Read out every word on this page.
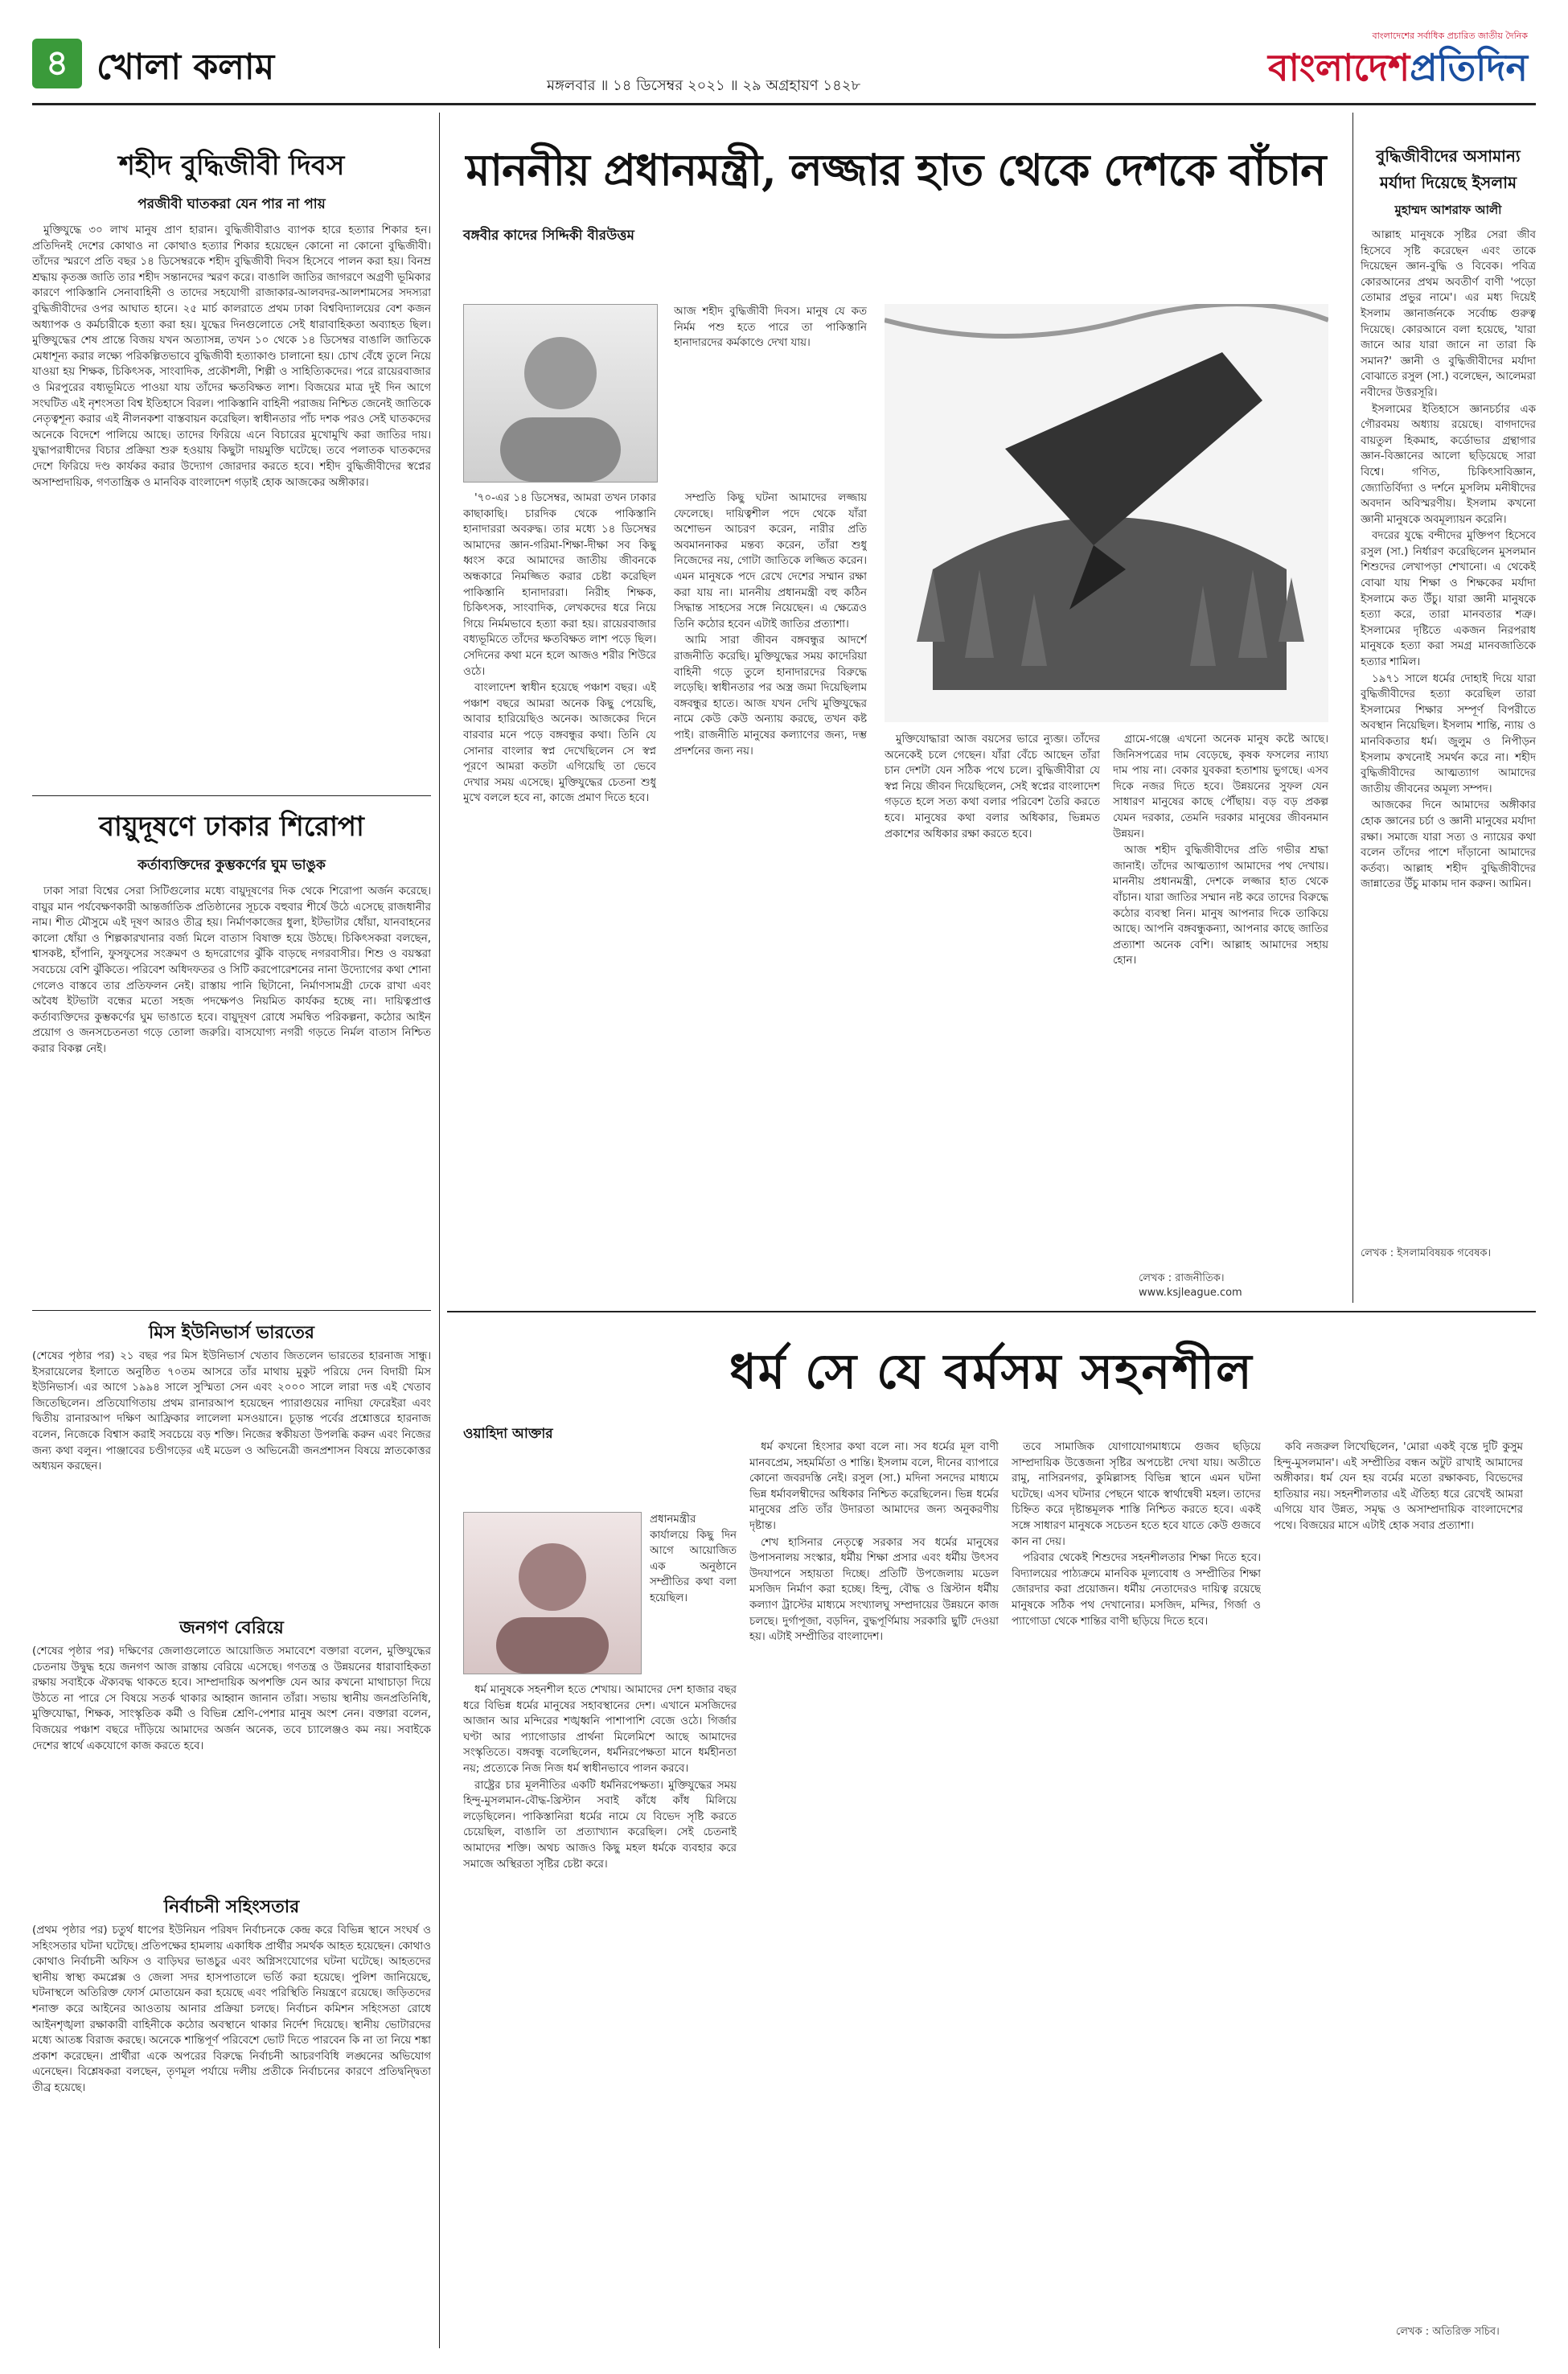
৪ খোলা কলাম	মঙ্গলবার ॥ ১৪ ডিসেম্বর ২০২১ ॥ ২৯ অগ্রহায়ণ ১৪২৮
বাংলাদেশের সর্বাধিক প্রচারিত জাতীয় দৈনিক
বাংলাদেশপ্রতিদিন
শহীদ বুদ্ধিজীবী দিবস
পরজীবী ঘাতকরা যেন পার না পায়

মুক্তিযুদ্ধে ৩০ লাখ মানুষ প্রাণ হারান। বুদ্ধিজীবীরাও ব্যাপক হারে হত্যার শিকার হন। প্রতিদিনই দেশের কোথাও না কোথাও হত্যার শিকার হয়েছেন কোনো না কোনো বুদ্ধিজীবী। তাঁদের স্মরণে প্রতি বছর ১৪ ডিসেম্বরকে শহীদ বুদ্ধিজীবী দিবস হিসেবে পালন করা হয়। বিনম্র শ্রদ্ধায় কৃতজ্ঞ জাতি তার শহীদ সন্তানদের স্মরণ করে। বাঙালি জাতির জাগরণে অগ্রণী ভূমিকার কারণে পাকিস্তানি সেনাবাহিনী ও তাদের সহযোগী রাজাকার-আলবদর-আলশামসের সদস্যরা বুদ্ধিজীবীদের ওপর আঘাত হানে। ২৫ মার্চ কালরাতে প্রথম ঢাকা বিশ্ববিদ্যালয়ের বেশ কজন অধ্যাপক ও কর্মচারীকে হত্যা করা হয়। যুদ্ধের দিনগুলোতে সেই ধারাবাহিকতা অব্যাহত ছিল। মুক্তিযুদ্ধের শেষ প্রান্তে বিজয় যখন অত্যাসন্ন, তখন ১০ থেকে ১৪ ডিসেম্বর বাঙালি জাতিকে মেধাশূন্য করার লক্ষ্যে পরিকল্পিতভাবে বুদ্ধিজীবী হত্যাকাণ্ড চালানো হয়। চোখ বেঁধে তুলে নিয়ে যাওয়া হয় শিক্ষক, চিকিৎসক, সাংবাদিক, প্রকৌশলী, শিল্পী ও সাহিত্যিকদের। পরে রায়েরবাজার ও মিরপুরের বধ্যভূমিতে পাওয়া যায় তাঁদের ক্ষতবিক্ষত লাশ। বিজয়ের মাত্র দুই দিন আগে সংঘটিত এই নৃশংসতা বিশ্ব ইতিহাসে বিরল। পাকিস্তানি বাহিনী পরাজয় নিশ্চিত জেনেই জাতিকে নেতৃত্বশূন্য করার এই নীলনকশা বাস্তবায়ন করেছিল। স্বাধীনতার পাঁচ দশক পরও সেই ঘাতকদের অনেকে বিদেশে পালিয়ে আছে। তাদের ফিরিয়ে এনে বিচারের মুখোমুখি করা জাতির দায়। যুদ্ধাপরাধীদের বিচার প্রক্রিয়া শুরু হওয়ায় কিছুটা দায়মুক্তি ঘটেছে। তবে পলাতক ঘাতকদের দেশে ফিরিয়ে দণ্ড কার্যকর করার উদ্যোগ জোরদার করতে হবে। শহীদ বুদ্ধিজীবীদের স্বপ্নের অসাম্প্রদায়িক, গণতান্ত্রিক ও মানবিক বাংলাদেশ গড়াই হোক আজকের অঙ্গীকার।

বায়ুদূষণে ঢাকার শিরোপা
কর্তাব্যক্তিদের কুম্ভকর্ণের ঘুম ভাঙুক

ঢাকা সারা বিশ্বের সেরা সিটিগুলোর মধ্যে বায়ুদূষণের দিক থেকে শিরোপা অর্জন করেছে। বায়ুর মান পর্যবেক্ষণকারী আন্তর্জাতিক প্রতিষ্ঠানের সূচকে বহুবার শীর্ষে উঠে এসেছে রাজধানীর নাম। শীত মৌসুমে এই দূষণ আরও তীব্র হয়। নির্মাণকাজের ধুলা, ইটভাটার ধোঁয়া, যানবাহনের কালো ধোঁয়া ও শিল্পকারখানার বর্জ্য মিলে বাতাস বিষাক্ত হয়ে উঠছে। চিকিৎসকরা বলছেন, শ্বাসকষ্ট, হাঁপানি, ফুসফুসের সংক্রমণ ও হৃদরোগের ঝুঁকি বাড়ছে নগরবাসীর। শিশু ও বয়স্করা সবচেয়ে বেশি ঝুঁকিতে। পরিবেশ অধিদফতর ও সিটি করপোরেশনের নানা উদ্যোগের কথা শোনা গেলেও বাস্তবে তার প্রতিফলন নেই। রাস্তায় পানি ছিটানো, নির্মাণসামগ্রী ঢেকে রাখা এবং অবৈধ ইটভাটা বন্ধের মতো সহজ পদক্ষেপও নিয়মিত কার্যকর হচ্ছে না। দায়িত্বপ্রাপ্ত কর্তাব্যক্তিদের কুম্ভকর্ণের ঘুম ভাঙাতে হবে। বায়ুদূষণ রোধে সমন্বিত পরিকল্পনা, কঠোর আইন প্রয়োগ ও জনসচেতনতা গড়ে তোলা জরুরি। বাসযোগ্য নগরী গড়তে নির্মল বাতাস নিশ্চিত করার বিকল্প নেই।

মিস ইউনিভার্স ভারতের
(শেষের পৃষ্ঠার পর) ২১ বছর পর মিস ইউনিভার্স খেতাব জিতলেন ভারতের হারনাজ সান্ধু। ইসরায়েলের ইলাতে অনুষ্ঠিত ৭০তম আসরে তাঁর মাথায় মুকুট পরিয়ে দেন বিদায়ী মিস ইউনিভার্স। এর আগে ১৯৯৪ সালে সুস্মিতা সেন এবং ২০০০ সালে লারা দত্ত এই খেতাব জিতেছিলেন। প্রতিযোগিতায় প্রথম রানারআপ হয়েছেন প্যারাগুয়ের নাদিয়া ফেরেইরা এবং দ্বিতীয় রানারআপ দক্ষিণ আফ্রিকার লালেলা মসওয়ানে। চূড়ান্ত পর্বের প্রশ্নোত্তরে হারনাজ বলেন, নিজেকে বিশ্বাস করাই সবচেয়ে বড় শক্তি। নিজের স্বকীয়তা উপলব্ধি করুন এবং নিজের জন্য কথা বলুন। পাঞ্জাবের চণ্ডীগড়ের এই মডেল ও অভিনেত্রী জনপ্রশাসন বিষয়ে স্নাতকোত্তর অধ্যয়ন করছেন।
জনগণ বেরিয়ে
(শেষের পৃষ্ঠার পর) দক্ষিণের জেলাগুলোতে আয়োজিত সমাবেশে বক্তারা বলেন, মুক্তিযুদ্ধের চেতনায় উদ্বুদ্ধ হয়ে জনগণ আজ রাস্তায় বেরিয়ে এসেছে। গণতন্ত্র ও উন্নয়নের ধারাবাহিকতা রক্ষায় সবাইকে ঐক্যবদ্ধ থাকতে হবে। সাম্প্রদায়িক অপশক্তি যেন আর কখনো মাথাচাড়া দিয়ে উঠতে না পারে সে বিষয়ে সতর্ক থাকার আহ্বান জানান তাঁরা। সভায় স্থানীয় জনপ্রতিনিধি, মুক্তিযোদ্ধা, শিক্ষক, সাংস্কৃতিক কর্মী ও বিভিন্ন শ্রেণি-পেশার মানুষ অংশ নেন। বক্তারা বলেন, বিজয়ের পঞ্চাশ বছরে দাঁড়িয়ে আমাদের অর্জন অনেক, তবে চ্যালেঞ্জও কম নয়। সবাইকে দেশের স্বার্থে একযোগে কাজ করতে হবে।
নির্বাচনী সহিংসতার
(প্রথম পৃষ্ঠার পর) চতুর্থ ধাপের ইউনিয়ন পরিষদ নির্বাচনকে কেন্দ্র করে বিভিন্ন স্থানে সংঘর্ষ ও সহিংসতার ঘটনা ঘটেছে। প্রতিপক্ষের হামলায় একাধিক প্রার্থীর সমর্থক আহত হয়েছেন। কোথাও কোথাও নির্বাচনী অফিস ও বাড়িঘর ভাঙচুর এবং অগ্নিসংযোগের ঘটনা ঘটেছে। আহতদের স্থানীয় স্বাস্থ্য কমপ্লেক্স ও জেলা সদর হাসপাতালে ভর্তি করা হয়েছে। পুলিশ জানিয়েছে, ঘটনাস্থলে অতিরিক্ত ফোর্স মোতায়েন করা হয়েছে এবং পরিস্থিতি নিয়ন্ত্রণে রয়েছে। জড়িতদের শনাক্ত করে আইনের আওতায় আনার প্রক্রিয়া চলছে। নির্বাচন কমিশন সহিংসতা রোধে আইনশৃঙ্খলা রক্ষাকারী বাহিনীকে কঠোর অবস্থানে থাকার নির্দেশ দিয়েছে। স্থানীয় ভোটারদের মধ্যে আতঙ্ক বিরাজ করছে। অনেকে শান্তিপূর্ণ পরিবেশে ভোট দিতে পারবেন কি না তা নিয়ে শঙ্কা প্রকাশ করেছেন। প্রার্থীরা একে অপরের বিরুদ্ধে নির্বাচনী আচরণবিধি লঙ্ঘনের অভিযোগ এনেছেন। বিশ্লেষকরা বলছেন, তৃণমূল পর্যায়ে দলীয় প্রতীকে নির্বাচনের কারণে প্রতিদ্বন্দ্বিতা তীব্র হয়েছে।
মাননীয় প্রধানমন্ত্রী, লজ্জার হাত থেকে দেশকে বাঁচান
বঙ্গবীর কাদের সিদ্দিকী বীরউত্তম
আজ শহীদ বুদ্ধিজীবী দিবস। মানুষ যে কত নির্মম পশু হতে পারে তা পাকিস্তানি হানাদারদের কর্মকাণ্ডে দেখা যায়।

'৭০-এর ১৪ ডিসেম্বর, আমরা তখন ঢাকার কাছাকাছি। চারদিক থেকে পাকিস্তানি হানাদাররা অবরুদ্ধ। তার মধ্যে ১৪ ডিসেম্বর আমাদের জ্ঞান-গরিমা-শিক্ষা-দীক্ষা সব কিছু ধ্বংস করে আমাদের জাতীয় জীবনকে অন্ধকারে নিমজ্জিত করার চেষ্টা করেছিল পাকিস্তানি হানাদাররা। নিরীহ শিক্ষক, চিকিৎসক, সাংবাদিক, লেখকদের ধরে নিয়ে গিয়ে নির্মমভাবে হত্যা করা হয়। রায়েরবাজার বধ্যভূমিতে তাঁদের ক্ষতবিক্ষত লাশ পড়ে ছিল। সেদিনের কথা মনে হলে আজও শরীর শিউরে ওঠে।

বাংলাদেশ স্বাধীন হয়েছে পঞ্চাশ বছর। এই পঞ্চাশ বছরে আমরা অনেক কিছু পেয়েছি, আবার হারিয়েছিও অনেক। আজকের দিনে বারবার মনে পড়ে বঙ্গবন্ধুর কথা। তিনি যে সোনার বাংলার স্বপ্ন দেখেছিলেন সে স্বপ্ন পূরণে আমরা কতটা এগিয়েছি তা ভেবে দেখার সময় এসেছে। মুক্তিযুদ্ধের চেতনা শুধু মুখে বললে হবে না, কাজে প্রমাণ দিতে হবে।

সম্প্রতি কিছু ঘটনা আমাদের লজ্জায় ফেলেছে। দায়িত্বশীল পদে থেকে যাঁরা অশোভন আচরণ করেন, নারীর প্রতি অবমাননাকর মন্তব্য করেন, তাঁরা শুধু নিজেদের নয়, গোটা জাতিকে লজ্জিত করেন। এমন মানুষকে পদে রেখে দেশের সম্মান রক্ষা করা যায় না। মাননীয় প্রধানমন্ত্রী বহু কঠিন সিদ্ধান্ত সাহসের সঙ্গে নিয়েছেন। এ ক্ষেত্রেও তিনি কঠোর হবেন এটাই জাতির প্রত্যাশা।

আমি সারা জীবন বঙ্গবন্ধুর আদর্শে রাজনীতি করেছি। মুক্তিযুদ্ধের সময় কাদেরিয়া বাহিনী গড়ে তুলে হানাদারদের বিরুদ্ধে লড়েছি। স্বাধীনতার পর অস্ত্র জমা দিয়েছিলাম বঙ্গবন্ধুর হাতে। আজ যখন দেখি মুক্তিযুদ্ধের নামে কেউ কেউ অন্যায় করছে, তখন কষ্ট পাই। রাজনীতি মানুষের কল্যাণের জন্য, দম্ভ প্রদর্শনের জন্য নয়।

মুক্তিযোদ্ধারা আজ বয়সের ভারে ন্যুব্জ। তাঁদের অনেকেই চলে গেছেন। যাঁরা বেঁচে আছেন তাঁরা চান দেশটা যেন সঠিক পথে চলে। বুদ্ধিজীবীরা যে স্বপ্ন নিয়ে জীবন দিয়েছিলেন, সেই স্বপ্নের বাংলাদেশ গড়তে হলে সত্য কথা বলার পরিবেশ তৈরি করতে হবে। মানুষের কথা বলার অধিকার, ভিন্নমত প্রকাশের অধিকার রক্ষা করতে হবে।

গ্রামে-গঞ্জে এখনো অনেক মানুষ কষ্টে আছে। জিনিসপত্রের দাম বেড়েছে, কৃষক ফসলের ন্যায্য দাম পায় না। বেকার যুবকরা হতাশায় ভুগছে। এসব দিকে নজর দিতে হবে। উন্নয়নের সুফল যেন সাধারণ মানুষের কাছে পৌঁছায়। বড় বড় প্রকল্প যেমন দরকার, তেমনি দরকার মানুষের জীবনমান উন্নয়ন।

আজ শহীদ বুদ্ধিজীবীদের প্রতি গভীর শ্রদ্ধা জানাই। তাঁদের আত্মত্যাগ আমাদের পথ দেখায়। মাননীয় প্রধানমন্ত্রী, দেশকে লজ্জার হাত থেকে বাঁচান। যারা জাতির সম্মান নষ্ট করে তাদের বিরুদ্ধে কঠোর ব্যবস্থা নিন। মানুষ আপনার দিকে তাকিয়ে আছে। আপনি বঙ্গবন্ধুকন্যা, আপনার কাছে জাতির প্রত্যাশা অনেক বেশি। আল্লাহ আমাদের সহায় হোন।

লেখক : রাজনীতিক।
www.ksjleague.com
বুদ্ধিজীবীদের অসামান্য
মর্যাদা দিয়েছে ইসলাম
মুহাম্মদ আশরাফ আলী

আল্লাহ মানুষকে সৃষ্টির সেরা জীব হিসেবে সৃষ্টি করেছেন এবং তাকে দিয়েছেন জ্ঞান-বুদ্ধি ও বিবেক। পবিত্র কোরআনের প্রথম অবতীর্ণ বাণী 'পড়ো তোমার প্রভুর নামে'। এর মধ্য দিয়েই ইসলাম জ্ঞানার্জনকে সর্বোচ্চ গুরুত্ব দিয়েছে। কোরআনে বলা হয়েছে, 'যারা জানে আর যারা জানে না তারা কি সমান?' জ্ঞানী ও বুদ্ধিজীবীদের মর্যাদা বোঝাতে রসুল (সা.) বলেছেন, আলেমরা নবীদের উত্তরসূরি।

ইসলামের ইতিহাসে জ্ঞানচর্চার এক গৌরবময় অধ্যায় রয়েছে। বাগদাদের বায়তুল হিকমাহ, কর্ডোভার গ্রন্থাগার জ্ঞান-বিজ্ঞানের আলো ছড়িয়েছে সারা বিশ্বে। গণিত, চিকিৎসাবিজ্ঞান, জ্যোতির্বিদ্যা ও দর্শনে মুসলিম মনীষীদের অবদান অবিস্মরণীয়। ইসলাম কখনো জ্ঞানী মানুষকে অবমূল্যায়ন করেনি।

বদরের যুদ্ধে বন্দীদের মুক্তিপণ হিসেবে রসুল (সা.) নির্ধারণ করেছিলেন মুসলমান শিশুদের লেখাপড়া শেখানো। এ থেকেই বোঝা যায় শিক্ষা ও শিক্ষকের মর্যাদা ইসলামে কত উঁচু। যারা জ্ঞানী মানুষকে হত্যা করে, তারা মানবতার শত্রু। ইসলামের দৃষ্টিতে একজন নিরপরাধ মানুষকে হত্যা করা সমগ্র মানবজাতিকে হত্যার শামিল।

১৯৭১ সালে ধর্মের দোহাই দিয়ে যারা বুদ্ধিজীবীদের হত্যা করেছিল তারা ইসলামের শিক্ষার সম্পূর্ণ বিপরীতে অবস্থান নিয়েছিল। ইসলাম শান্তি, ন্যায় ও মানবিকতার ধর্ম। জুলুম ও নিপীড়ন ইসলাম কখনোই সমর্থন করে না। শহীদ বুদ্ধিজীবীদের আত্মত্যাগ আমাদের জাতীয় জীবনের অমূল্য সম্পদ।

আজকের দিনে আমাদের অঙ্গীকার হোক জ্ঞানের চর্চা ও জ্ঞানী মানুষের মর্যাদা রক্ষা। সমাজে যারা সত্য ও ন্যায়ের কথা বলেন তাঁদের পাশে দাঁড়ানো আমাদের কর্তব্য। আল্লাহ শহীদ বুদ্ধিজীবীদের জান্নাতের উঁচু মাকাম দান করুন। আমিন।

লেখক : ইসলামবিষয়ক গবেষক।
ধর্ম সে যে বর্মসম সহনশীল
ওয়াহিদা আক্তার
প্রধানমন্ত্রীর কার্যালয়ে কিছু দিন আগে আয়োজিত এক অনুষ্ঠানে সম্প্রীতির কথা বলা হয়েছিল।

ধর্ম মানুষকে সহনশীল হতে শেখায়। আমাদের দেশ হাজার বছর ধরে বিভিন্ন ধর্মের মানুষের সহাবস্থানের দেশ। এখানে মসজিদের আজান আর মন্দিরের শঙ্খধ্বনি পাশাপাশি বেজে ওঠে। গির্জার ঘণ্টা আর প্যাগোডার প্রার্থনা মিলেমিশে আছে আমাদের সংস্কৃতিতে। বঙ্গবন্ধু বলেছিলেন, ধর্মনিরপেক্ষতা মানে ধর্মহীনতা নয়; প্রত্যেকে নিজ নিজ ধর্ম স্বাধীনভাবে পালন করবে।

রাষ্ট্রের চার মূলনীতির একটি ধর্মনিরপেক্ষতা। মুক্তিযুদ্ধের সময় হিন্দু-মুসলমান-বৌদ্ধ-খ্রিস্টান সবাই কাঁধে কাঁধ মিলিয়ে লড়েছিলেন। পাকিস্তানিরা ধর্মের নামে যে বিভেদ সৃষ্টি করতে চেয়েছিল, বাঙালি তা প্রত্যাখ্যান করেছিল। সেই চেতনাই আমাদের শক্তি। অথচ আজও কিছু মহল ধর্মকে ব্যবহার করে সমাজে অস্থিরতা সৃষ্টির চেষ্টা করে।

ধর্ম কখনো হিংসার কথা বলে না। সব ধর্মের মূল বাণী মানবপ্রেম, সহমর্মিতা ও শান্তি। ইসলাম বলে, দীনের ব্যাপারে কোনো জবরদস্তি নেই। রসুল (সা.) মদিনা সনদের মাধ্যমে ভিন্ন ধর্মাবলম্বীদের অধিকার নিশ্চিত করেছিলেন। ভিন্ন ধর্মের মানুষের প্রতি তাঁর উদারতা আমাদের জন্য অনুকরণীয় দৃষ্টান্ত।

শেখ হাসিনার নেতৃত্বে সরকার সব ধর্মের মানুষের উপাসনালয় সংস্কার, ধর্মীয় শিক্ষা প্রসার এবং ধর্মীয় উৎসব উদযাপনে সহায়তা দিচ্ছে। প্রতিটি উপজেলায় মডেল মসজিদ নির্মাণ করা হচ্ছে। হিন্দু, বৌদ্ধ ও খ্রিস্টান ধর্মীয় কল্যাণ ট্রাস্টের মাধ্যমে সংখ্যালঘু সম্প্রদায়ের উন্নয়নে কাজ চলছে। দুর্গাপূজা, বড়দিন, বুদ্ধপূর্ণিমায় সরকারি ছুটি দেওয়া হয়। এটাই সম্প্রীতির বাংলাদেশ।

তবে সামাজিক যোগাযোগমাধ্যমে গুজব ছড়িয়ে সাম্প্রদায়িক উত্তেজনা সৃষ্টির অপচেষ্টা দেখা যায়। অতীতে রামু, নাসিরনগর, কুমিল্লাসহ বিভিন্ন স্থানে এমন ঘটনা ঘটেছে। এসব ঘটনার পেছনে থাকে স্বার্থান্বেষী মহল। তাদের চিহ্নিত করে দৃষ্টান্তমূলক শাস্তি নিশ্চিত করতে হবে। একই সঙ্গে সাধারণ মানুষকে সচেতন হতে হবে যাতে কেউ গুজবে কান না দেয়।

পরিবার থেকেই শিশুদের সহনশীলতার শিক্ষা দিতে হবে। বিদ্যালয়ের পাঠ্যক্রমে মানবিক মূল্যবোধ ও সম্প্রীতির শিক্ষা জোরদার করা প্রয়োজন। ধর্মীয় নেতাদেরও দায়িত্ব রয়েছে মানুষকে সঠিক পথ দেখানোর। মসজিদ, মন্দির, গির্জা ও প্যাগোডা থেকে শান্তির বাণী ছড়িয়ে দিতে হবে।

কবি নজরুল লিখেছিলেন, 'মোরা একই বৃন্তে দুটি কুসুম হিন্দু-মুসলমান'। এই সম্প্রীতির বন্ধন অটুট রাখাই আমাদের অঙ্গীকার। ধর্ম যেন হয় বর্মের মতো রক্ষাকবচ, বিভেদের হাতিয়ার নয়। সহনশীলতার এই ঐতিহ্য ধরে রেখেই আমরা এগিয়ে যাব উন্নত, সমৃদ্ধ ও অসাম্প্রদায়িক বাংলাদেশের পথে। বিজয়ের মাসে এটাই হোক সবার প্রত্যাশা।

লেখক : অতিরিক্ত সচিব।
